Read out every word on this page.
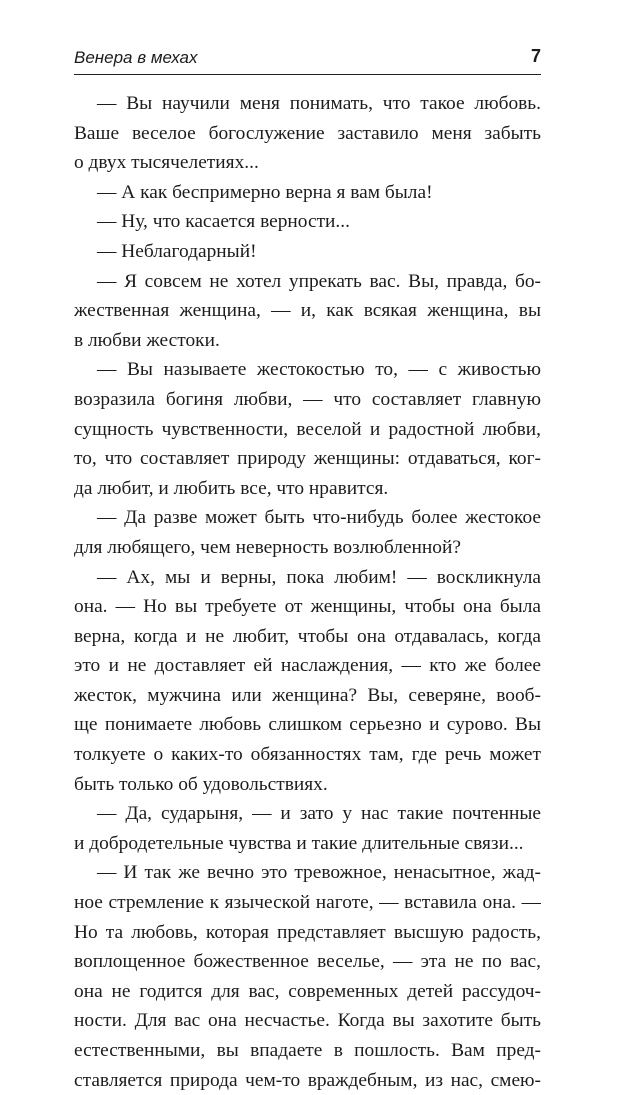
Венера в мехах	7
— Вы научили меня понимать, что такое любовь.
Ваше веселое богослужение заставило меня забыть
о двух тысячелетиях...
— А как беспримерно верна я вам была!
— Ну, что касается верности...
— Неблагодарный!
— Я совсем не хотел упрекать вас. Вы, правда, бо-
жественная женщина, — и, как всякая женщина, вы
в любви жестоки.
— Вы называете жестокостью то, — с живостью
возразила богиня любви, — что составляет главную
сущность чувственности, веселой и радостной любви,
то, что составляет природу женщины: отдаваться, ког-
да любит, и любить все, что нравится.
— Да разве может быть что-нибудь более жестокое
для любящего, чем неверность возлюбленной?
— Ах, мы и верны, пока любим! — воскликнула
она. — Но вы требуете от женщины, чтобы она была
верна, когда и не любит, чтобы она отдавалась, когда
это и не доставляет ей наслаждения, — кто же более
жесток, мужчина или женщина? Вы, северяне, вооб-
ще понимаете любовь слишком серьезно и сурово. Вы
толкуете о каких-то обязанностях там, где речь может
быть только об удовольствиях.
— Да, сударыня, — и зато у нас такие почтенные
и добродетельные чувства и такие длительные связи...
— И так же вечно это тревожное, ненасытное, жад-
ное стремление к языческой наготе, — вставила она. —
Но та любовь, которая представляет высшую радость,
воплощенное божественное веселье, — эта не по вас,
она не годится для вас, современных детей рассудоч-
ности. Для вас она несчастье. Когда вы захотите быть
естественными, вы впадаете в пошлость. Вам пред-
ставляется природа чем-то враждебным, из нас, смею-
